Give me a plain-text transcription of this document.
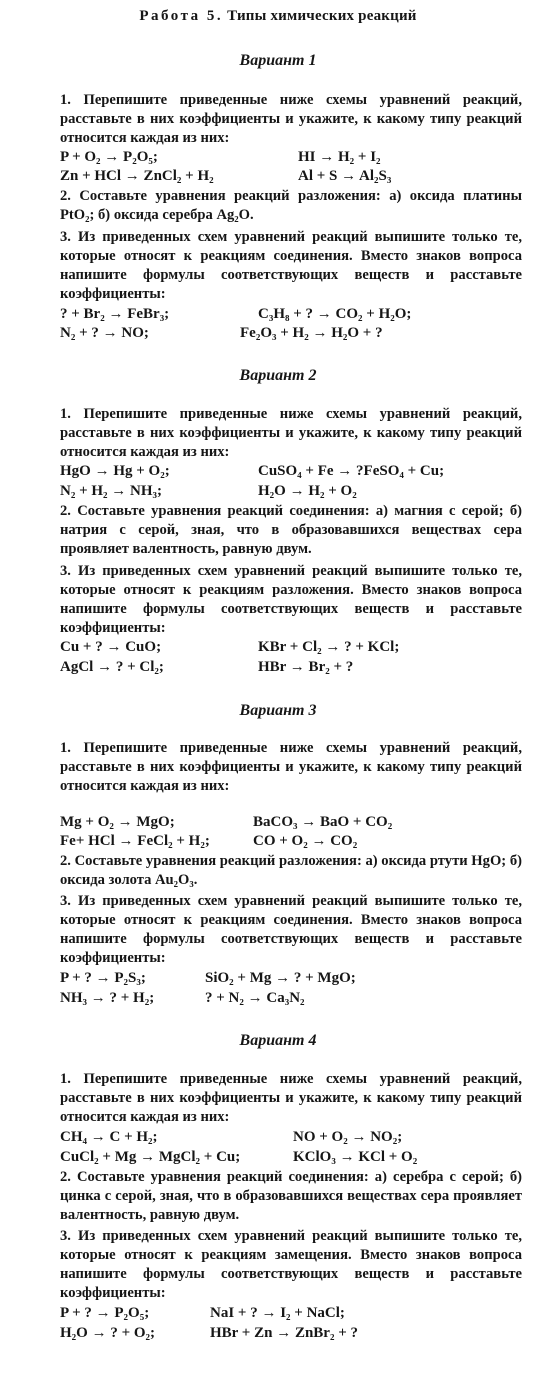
Работа 5. Типы химических реакций
Вариант 1

1. Перепишите приведенные ниже схемы уравнений реакций, расставьте в них коэффициенты и укажите, к какому типу реакций относится каждая из них:

P + O₂ → P₂O₅;	HI → H₂ + I₂
Zn + HCl → ZnCl₂ + H₂	Al + S → Al₂S₃

2. Составьте уравнения реакций разложения: а) оксида платины PtO₂; б) оксида серебра Ag₂O.

3. Из приведенных схем уравнений реакций выпишите только те, которые относят к реакциям соединения. Вместо знаков вопроса напишите формулы соответствующих веществ и расставьте коэффициенты:

? + Br₂ → FeBr₃;	C₃H₈ + ? → CO₂ + H₂O;
N₂ + ? → NO;	Fe₂O₃ + H₂ → H₂O + ?
Вариант 2

1. Перепишите приведенные ниже схемы уравнений реакций, расставьте в них коэффициенты и укажите, к какому типу реакций относится каждая из них:

HgO → Hg + O₂;	CuSO₄ + Fe → ?FeSO₄ + Cu;
N₂ + H₂ → NH₃;	H₂O → H₂ + O₂

2. Составьте уравнения реакций соединения: а) магния с серой; б) натрия с серой, зная, что в образовавшихся веществах сера проявляет валентность, равную двум.

3. Из приведенных схем уравнений реакций выпишите только те, которые относят к реакциям разложения. Вместо знаков вопроса напишите формулы соответствующих веществ и расставьте коэффициенты:

Cu + ? → CuO;	KBr + Cl₂ → ? + KCl;
AgCl → ? + Cl₂;	HBr → Br₂ + ?
Вариант 3

1. Перепишите приведенные ниже схемы уравнений реакций, расставьте в них коэффициенты и укажите, к какому типу реакций относится каждая из них:

Mg + O₂ → MgO;	BaCO₃ → BaO + CO₂
Fe+ HCl → FeCl₂ + H₂;	CO + O₂ → CO₂

2. Составьте уравнения реакций разложения: а) оксида ртути HgO; б) оксида золота Au₂O₃.

3. Из приведенных схем уравнений реакций выпишите только те, которые относят к реакциям соединения. Вместо знаков вопроса напишите формулы соответствующих веществ и расставьте коэффициенты:

P + ? → P₂S₃;	SiO₂ + Mg → ? + MgO;
NH₃ → ? + H₂;	? + N₂ → Ca₃N₂
Вариант 4

1. Перепишите приведенные ниже схемы уравнений реакций, расставьте в них коэффициенты и укажите, к какому типу реакций относится каждая из них:

CH₄ → C + H₂;	NO + O₂ → NO₂;
CuCl₂ + Mg → MgCl₂ + Cu;	KClO₃ → KCl + O₂

2. Составьте уравнения реакций соединения: а) серебра с серой; б) цинка с серой, зная, что в образовавшихся веществах сера проявляет валентность, равную двум.

3. Из приведенных схем уравнений реакций выпишите только те, которые относят к реакциям замещения. Вместо знаков вопроса напишите формулы соответствующих веществ и расставьте коэффициенты:

P + ? → P₂O₅;	NaI + ? → I₂ + NaCl;
H₂O → ? + O₂;	HBr + Zn → ZnBr₂ + ?
